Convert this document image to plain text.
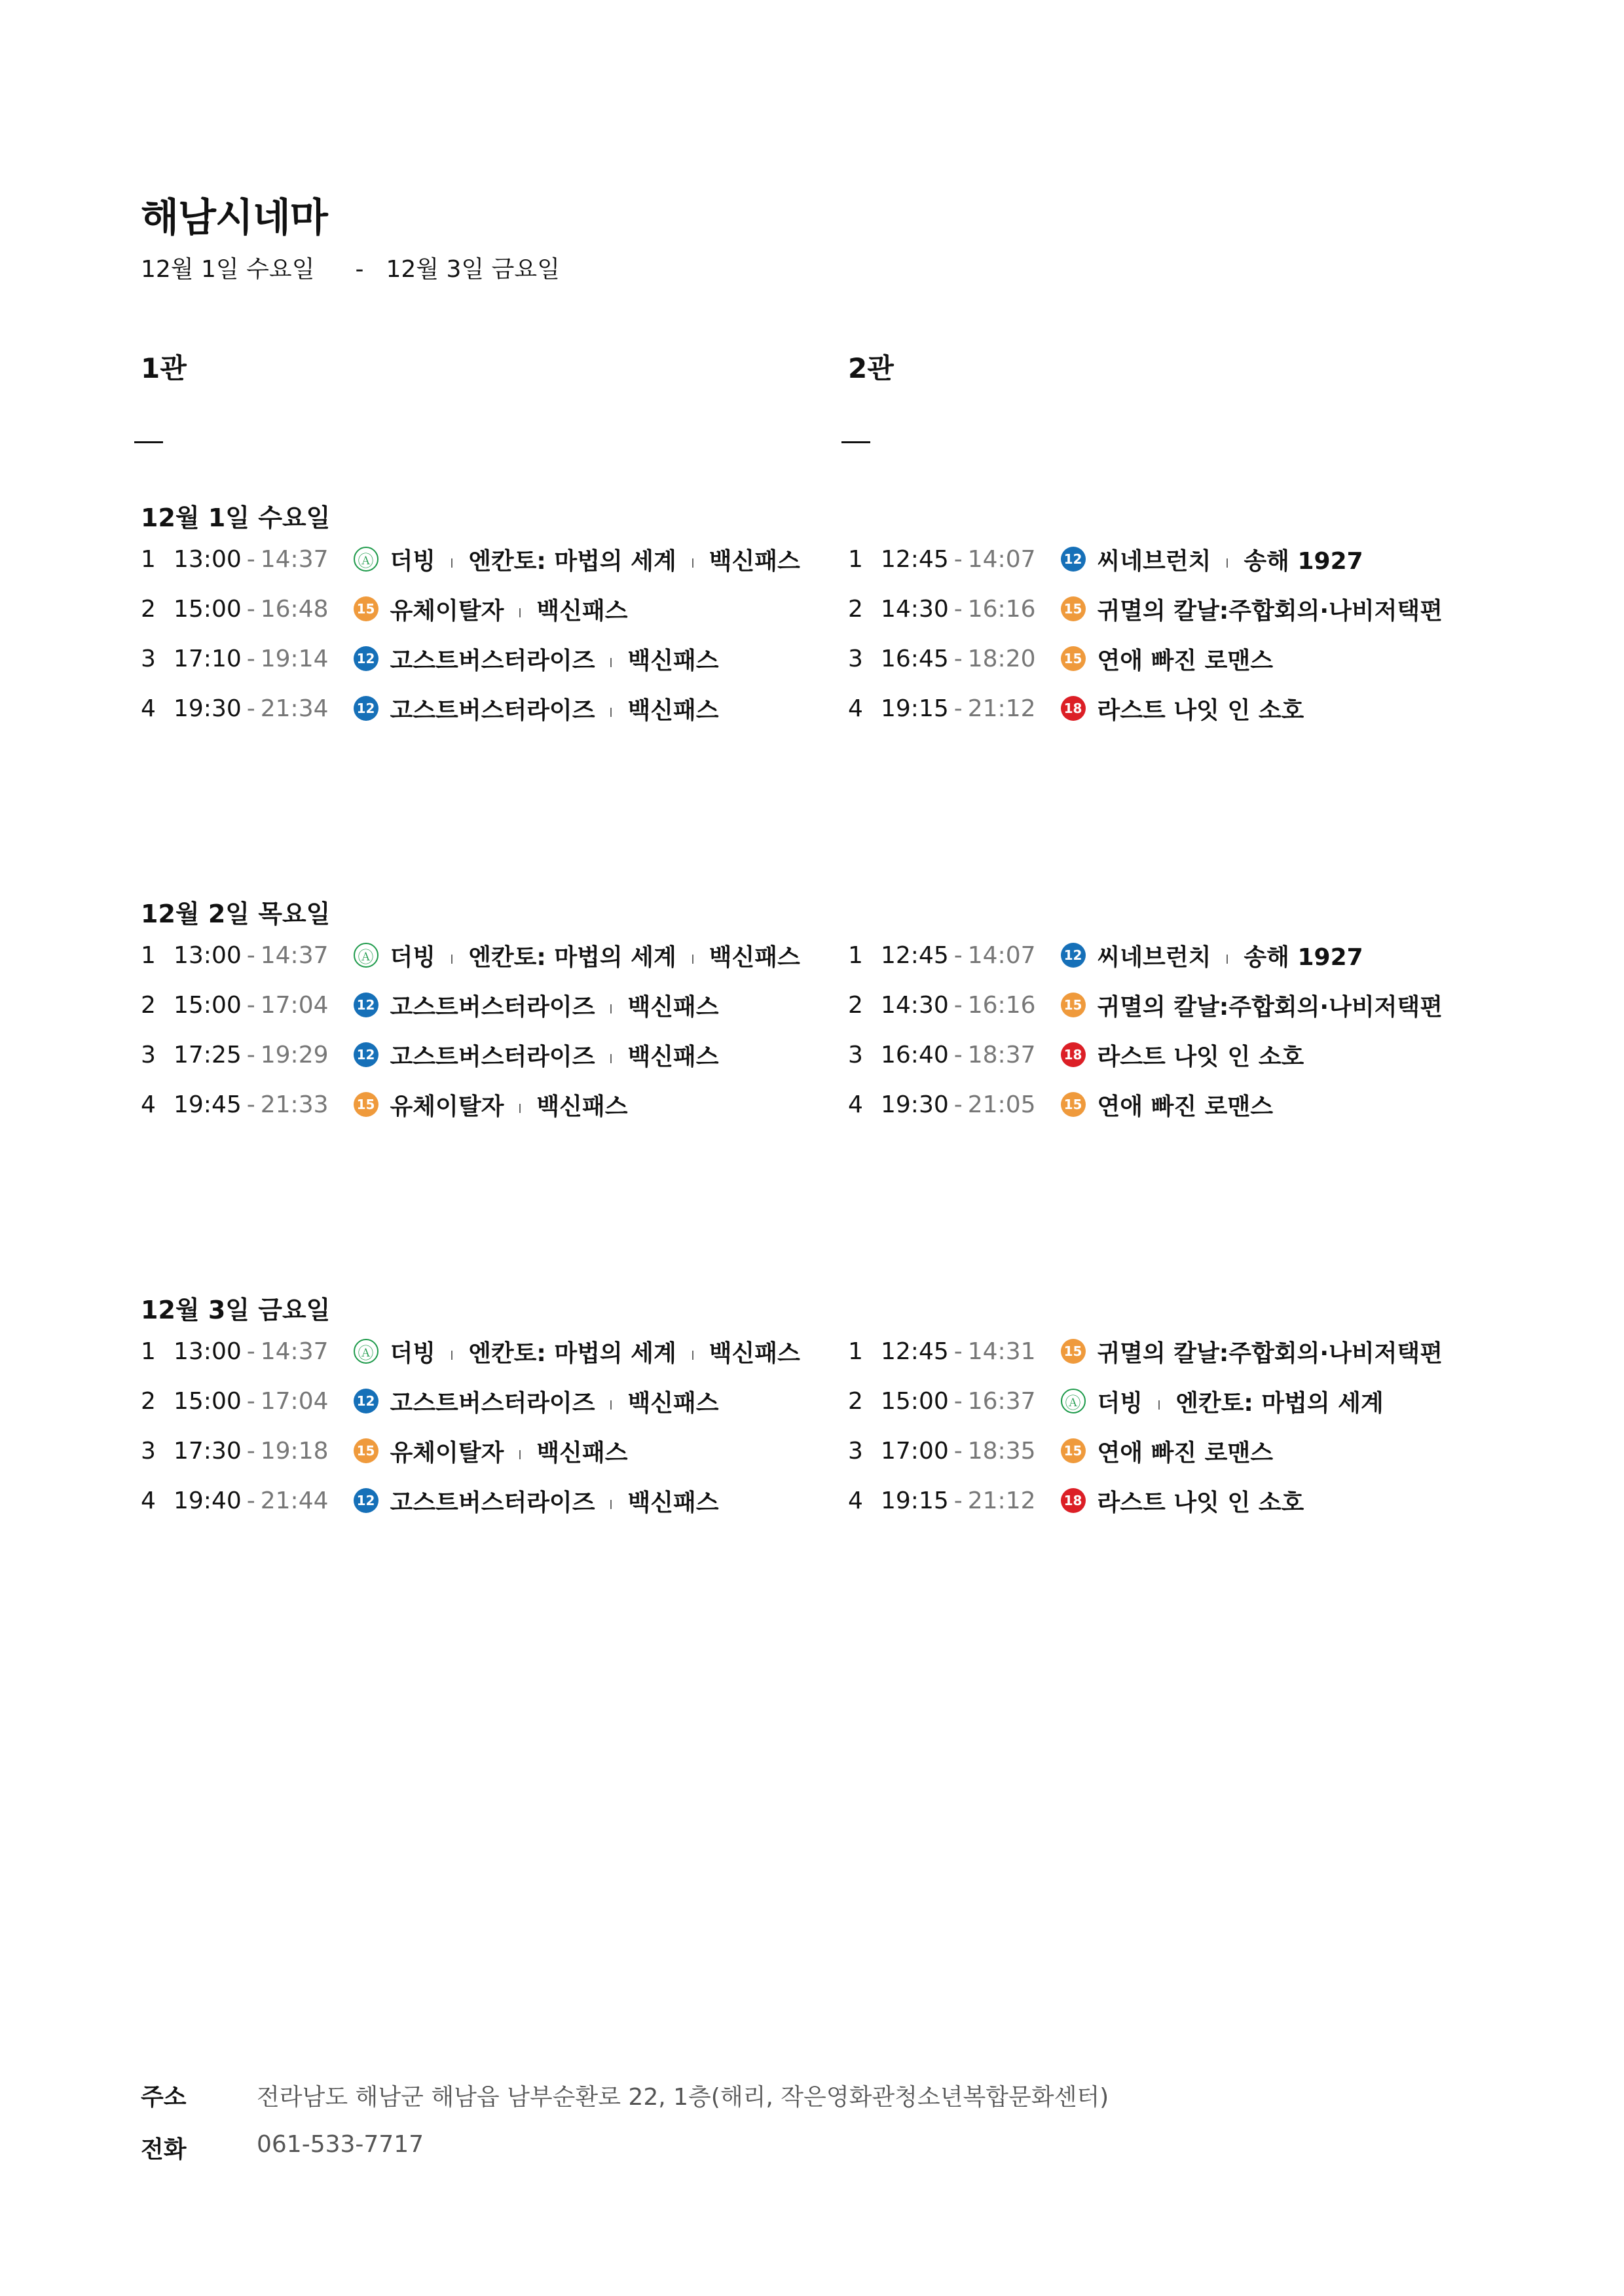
해남시네마
12월 1일 수요일 - 12월 3일 금요일
1관	2관
12월 1일 수요일
1 13:00 - 14:37 Ⓐ 더빙 엔칸토: 마법의 세계 백신패스
2 15:00 - 16:48 15 유체이탈자 백신패스
3 17:10 - 19:14 12 고스트버스터라이즈 백신패스
4 19:30 - 21:34 12 고스트버스터라이즈 백신패스
1 12:45 - 14:07 12 씨네브런치 송해 1927
2 14:30 - 16:16 15 귀멸의 칼날:주합회의·나비저택편
3 16:45 - 18:20 15 연애 빠진 로맨스
4 19:15 - 21:12 18 라스트 나잇 인 소호
12월 2일 목요일
1 13:00 - 14:37 Ⓐ 더빙 엔칸토: 마법의 세계 백신패스
2 15:00 - 17:04 12 고스트버스터라이즈 백신패스
3 17:25 - 19:29 12 고스트버스터라이즈 백신패스
4 19:45 - 21:33 15 유체이탈자 백신패스
1 12:45 - 14:07 12 씨네브런치 송해 1927
2 14:30 - 16:16 15 귀멸의 칼날:주합회의·나비저택편
3 16:40 - 18:37 18 라스트 나잇 인 소호
4 19:30 - 21:05 15 연애 빠진 로맨스
12월 3일 금요일
1 13:00 - 14:37 Ⓐ 더빙 엔칸토: 마법의 세계 백신패스
2 15:00 - 17:04 12 고스트버스터라이즈 백신패스
3 17:30 - 19:18 15 유체이탈자 백신패스
4 19:40 - 21:44 12 고스트버스터라이즈 백신패스
1 12:45 - 14:31 15 귀멸의 칼날:주합회의·나비저택편
2 15:00 - 16:37 Ⓐ 더빙 엔칸토: 마법의 세계
3 17:00 - 18:35 15 연애 빠진 로맨스
4 19:15 - 21:12 18 라스트 나잇 인 소호
주소	전라남도 해남군 해남읍 남부순환로 22, 1층(해리, 작은영화관청소년복합문화센터)
전화	061-533-7717
